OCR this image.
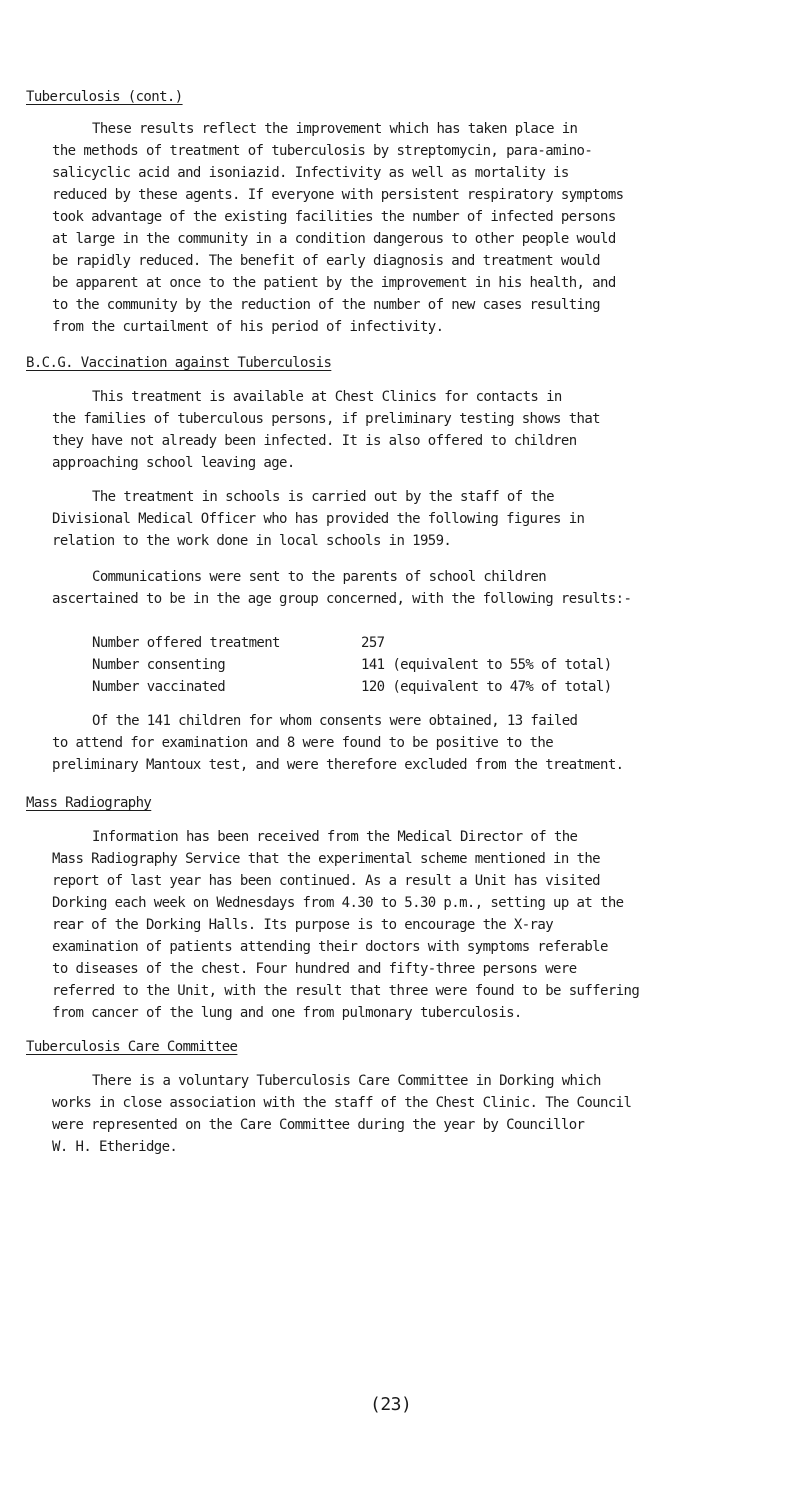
Tuberculosis (cont.)
These results reflect the improvement which has taken place in
the methods of treatment of tuberculosis by streptomycin, para-amino-
salicyclic acid and isoniazid. Infectivity as well as mortality is
reduced by these agents. If everyone with persistent respiratory symptoms
took advantage of the existing facilities the number of infected persons
at large in the community in a condition dangerous to other people would
be rapidly reduced. The benefit of early diagnosis and treatment would
be apparent at once to the patient by the improvement in his health, and
to the community by the reduction of the number of new cases resulting
from the curtailment of his period of infectivity.
B.C.G. Vaccination against Tuberculosis
This treatment is available at Chest Clinics for contacts in
the families of tuberculous persons, if preliminary testing shows that
they have not already been infected. It is also offered to children
approaching school leaving age.
The treatment in schools is carried out by the staff of the
Divisional Medical Officer who has provided the following figures in
relation to the work done in local schools in 1959.
Communications were sent to the parents of school children
ascertained to be in the age group concerned, with the following results:-
Number offered treatment	257
Number consenting	141 (equivalent to 55% of total)
Number vaccinated	120 (equivalent to 47% of total)
Of the 141 children for whom consents were obtained, 13 failed
to attend for examination and 8 were found to be positive to the
preliminary Mantoux test, and were therefore excluded from the treatment.
Mass Radiography
Information has been received from the Medical Director of the
Mass Radiography Service that the experimental scheme mentioned in the
report of last year has been continued. As a result a Unit has visited
Dorking each week on Wednesdays from 4.30 to 5.30 p.m., setting up at the
rear of the Dorking Halls. Its purpose is to encourage the X-ray
examination of patients attending their doctors with symptoms referable
to diseases of the chest. Four hundred and fifty-three persons were
referred to the Unit, with the result that three were found to be suffering
from cancer of the lung and one from pulmonary tuberculosis.
Tuberculosis Care Committee
There is a voluntary Tuberculosis Care Committee in Dorking which
works in close association with the staff of the Chest Clinic. The Council
were represented on the Care Committee during the year by Councillor
W. H. Etheridge.
(23)
